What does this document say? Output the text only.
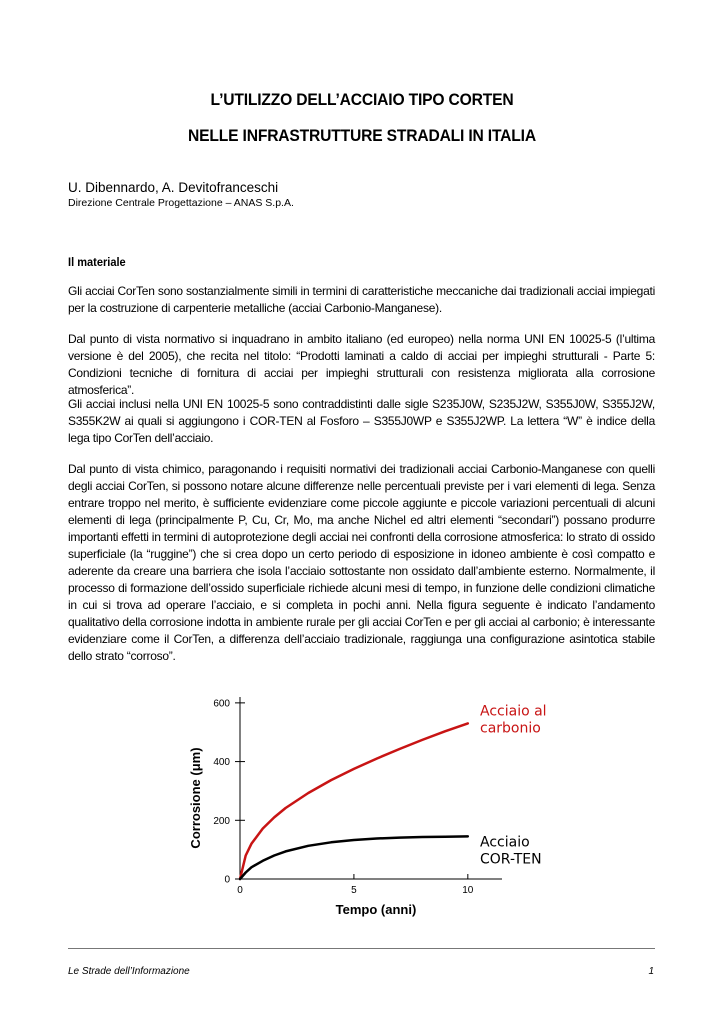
L’UTILIZZO DELL’ACCIAIO TIPO CORTEN
NELLE INFRASTRUTTURE STRADALI IN ITALIA
U. Dibennardo, A. Devitofranceschi
Direzione Centrale Progettazione – ANAS S.p.A.
Il materiale

Gli acciai CorTen sono sostanzialmente simili in termini di caratteristiche meccaniche dai tradizionali acciai impiegati per la costruzione di carpenterie metalliche (acciai Carbonio-Manganese).

Dal punto di vista normativo si inquadrano in ambito italiano (ed europeo) nella norma UNI EN 10025-5 (l’ultima versione è del 2005), che recita nel titolo: “Prodotti laminati a caldo di acciai per impieghi strutturali - Parte 5: Condizioni tecniche di fornitura di acciai per impieghi strutturali con resistenza migliorata alla corrosione atmosferica”.

Gli acciai inclusi nella UNI EN 10025-5 sono contraddistinti dalle sigle S235J0W, S235J2W, S355J0W, S355J2W, S355K2W ai quali si aggiungono i COR-TEN al Fosforo – S355J0WP e S355J2WP. La lettera “W” è indice della lega tipo CorTen dell’acciaio.

Dal punto di vista chimico, paragonando i requisiti normativi dei tradizionali acciai Carbonio-Manganese con quelli degli acciai CorTen, si possono notare alcune differenze nelle percentuali previste per i vari elementi di lega. Senza entrare troppo nel merito, è sufficiente evidenziare come piccole aggiunte e piccole variazioni percentuali di alcuni elementi di lega (principalmente P, Cu, Cr, Mo, ma anche Nichel ed altri elementi “secondari”) possano produrre importanti effetti in termini di autoprotezione degli acciai nei confronti della corrosione atmosferica: lo strato di ossido superficiale (la “ruggine”) che si crea dopo un certo periodo di esposizione in idoneo ambiente è così compatto e aderente da creare una barriera che isola l’acciaio sottostante non ossidato dall’ambiente esterno. Normalmente, il processo di formazione dell’ossido superficiale richiede alcuni mesi di tempo, in funzione delle condizioni climatiche in cui si trova ad operare l’acciaio, e si completa in pochi anni. Nella figura seguente è indicato l’andamento qualitativo della corrosione indotta in ambiente rurale per gli acciai CorTen e per gli acciai al carbonio; è interessante evidenziare come il CorTen, a differenza dell’acciaio tradizionale, raggiunga una configurazione asintotica stabile dello strato “corroso”.

0
200
400
600
0	5	10
Tempo (anni)
Corrosione (μm)
Acciaio al
carbonio
Acciaio
COR-TEN
Le Strade dell’Informazione	1
